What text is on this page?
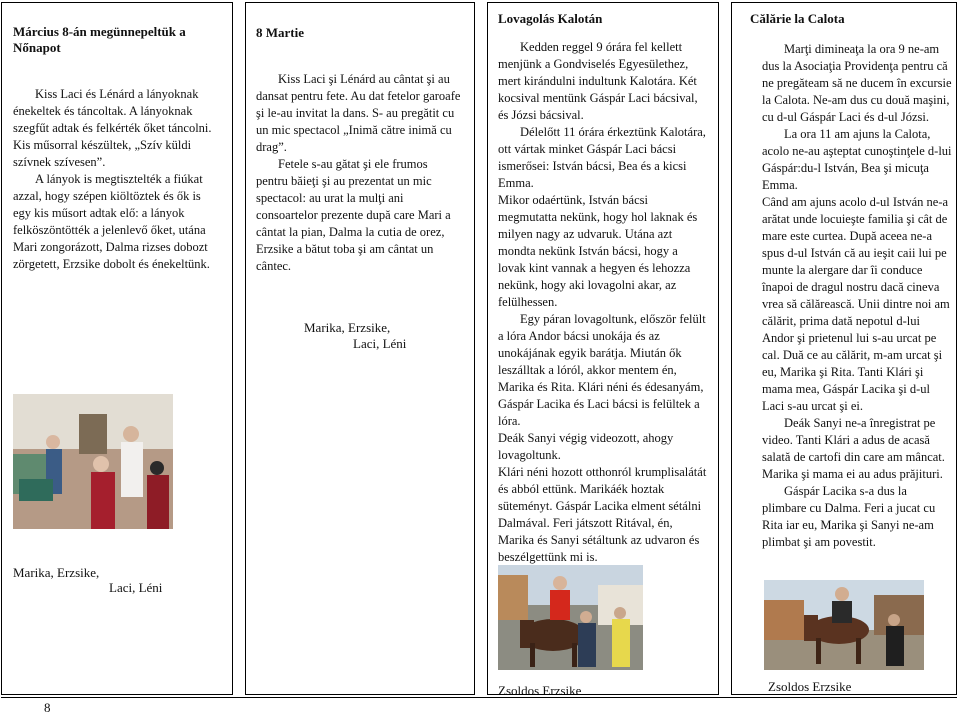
Március 8-án megünnepeltük a Nőnapot

Kiss Laci és Lénárd a lányoknak énekeltek és táncoltak. A lányoknak szegfűt adtak és felkérték őket táncolni. Kis műsorral készültek, „Szív küldi szívnek szívesen”.

A lányok is megtisztelték a fiúkat azzal, hogy szépen kiöltöztek és ők is egy kis műsort adtak elő: a lányok felköszöntötték a jelenlevő őket, utána Mari zongorázott, Dalma rizses dobozt zörgetett, Erzsike dobolt és énekeltünk.

Marika, Erzsike,
Laci, Léni

8 Martie

Kiss Laci şi Lénárd au cântat şi au dansat pentru fete. Au dat fetelor garoafe şi le-au invitat la dans. S- au pregătit cu un mic spectacol „Inimă către inimă cu drag”.

Fetele s-au gătat şi ele frumos pentru băieţi şi au prezentat un mic spectacol: au urat la mulţi ani consoartelor prezente după care Mari a cântat la pian, Dalma la cutia de orez, Erzsike a bătut toba şi am cântat un cântec.

Marika, Erzsike,
Laci, Léni

Lovagolás Kalotán

Kedden reggel 9 órára fel kellett menjünk a Gondviselés Egyesülethez, mert kirándulni indultunk Kalotára. Két kocsival mentünk Gáspár Laci bácsival, és Józsi bácsival.

Délelőtt 11 órára érkeztünk Kalotára, ott vártak minket Gáspár Laci bácsi ismerősei: István bácsi, Bea és a kicsi Emma.

Mikor odaértünk, István bácsi megmutatta nekünk, hogy hol laknak és milyen nagy az udvaruk. Utána azt mondta nekünk István bácsi, hogy a lovak kint vannak a hegyen és lehozza nekünk, hogy aki lovagolni akar, az felülhessen.

Egy páran lovagoltunk, először felült a lóra Andor bácsi unokája és az unokájának egyik barátja. Miután ők leszálltak a lóról, akkor mentem én, Marika és Rita. Klári néni és édesanyám, Gáspár Lacika és Laci bácsi is felültek a lóra.

Deák Sanyi végig videozott, ahogy lovagoltunk.

Klári néni hozott otthonról krumplisalátát és abból ettünk. Marikáék hoztak süteményt. Gáspár Lacika elment sétálni Dalmával. Feri játszott Ritával, én, Marika és Sanyi sétáltunk az udvaron és beszélgettünk mi is.

Zsoldos Erzsike

Călărie la Calota

Marţi dimineaţa la ora 9 ne-am dus la Asociaţia Providenţa pentru că ne pregăteam să ne ducem în excursie la Calota. Ne-am dus cu două maşini, cu d-ul Gáspár Laci és d-ul Józsi.

La ora 11 am ajuns la Calota, acolo ne-au aşteptat cunoştinţele d-lui Gáspár:du-l István, Bea şi micuţa Emma.

Când am ajuns acolo d-ul István ne-a arătat unde locuieşte familia şi cât de mare este curtea. După aceea ne-a spus d-ul István că au ieşit caii lui pe munte la alergare dar îi conduce înapoi de dragul nostru dacă cineva vrea să călărească. Unii dintre noi am călărit, prima dată nepotul d-lui Andor şi prietenul lui s-au urcat pe cal. Duă ce au călărit, m-am urcat şi eu, Marika şi Rita. Tanti Klári şi mama mea, Gáspár Lacika şi d-ul Laci s-au urcat şi ei.

Deák Sanyi ne-a înregistrat pe video. Tanti Klári a adus de acasă salată de cartofi din care am mâncat. Marika şi mama ei au adus prăjituri.

Gáspár Lacika s-a dus la plimbare cu Dalma. Feri a jucat cu Rita iar eu, Marika şi Sanyi ne-am plimbat şi am povestit.

Zsoldos Erzsike
8
